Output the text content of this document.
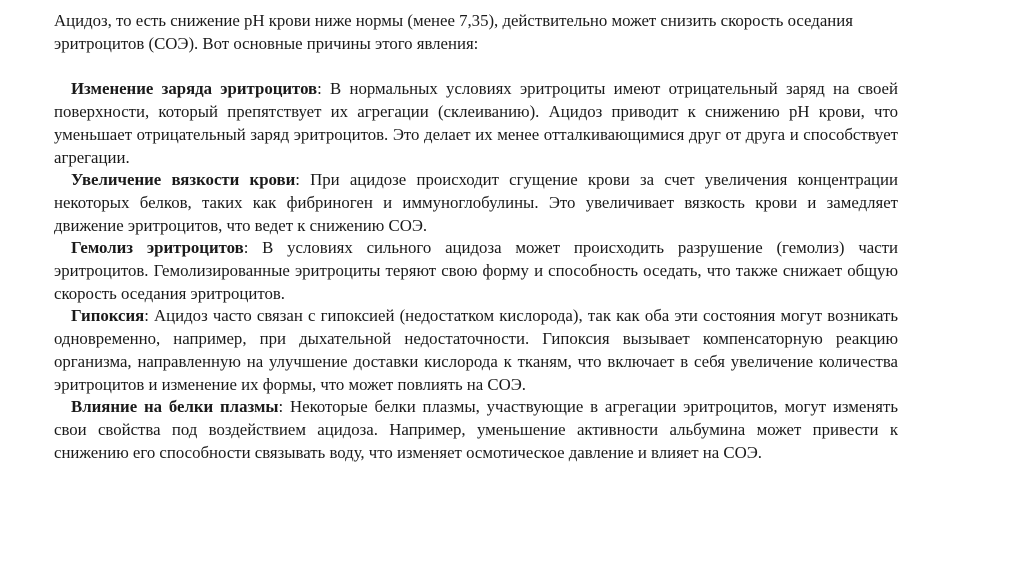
Ацидоз, то есть снижение pH крови ниже нормы (менее 7,35), действительно может снизить скорость оседания эритроцитов (СОЭ). Вот основные причины этого явления:

Изменение заряда эритроцитов: В нормальных условиях эритроциты имеют отрицательный заряд на своей поверхности, который препятствует их агрегации (склеиванию). Ацидоз приводит к снижению pH крови, что уменьшает отрицательный заряд эритроцитов. Это делает их менее отталкивающимися друг от друга и способствует агрегации.

Увеличение вязкости крови: При ацидозе происходит сгущение крови за счет увеличения концентрации некоторых белков, таких как фибриноген и иммуноглобулины. Это увеличивает вязкость крови и замедляет движение эритроцитов, что ведет к снижению СОЭ.

Гемолиз эритроцитов: В условиях сильного ацидоза может происходить разрушение (гемолиз) части эритроцитов. Гемолизированные эритроциты теряют свою форму и способность оседать, что также снижает общую скорость оседания эритроцитов.

Гипоксия: Ацидоз часто связан с гипоксией (недостатком кислорода), так как оба эти состояния могут возникать одновременно, например, при дыхательной недостаточности. Гипоксия вызывает компенсаторную реакцию организма, направленную на улучшение доставки кислорода к тканям, что включает в себя увеличение количества эритроцитов и изменение их формы, что может повлиять на СОЭ.

Влияние на белки плазмы: Некоторые белки плазмы, участвующие в агрегации эритроцитов, могут изменять свои свойства под воздействием ацидоза. Например, уменьшение активности альбумина может привести к снижению его способности связывать воду, что изменяет осмотическое давление и влияет на СОЭ.
